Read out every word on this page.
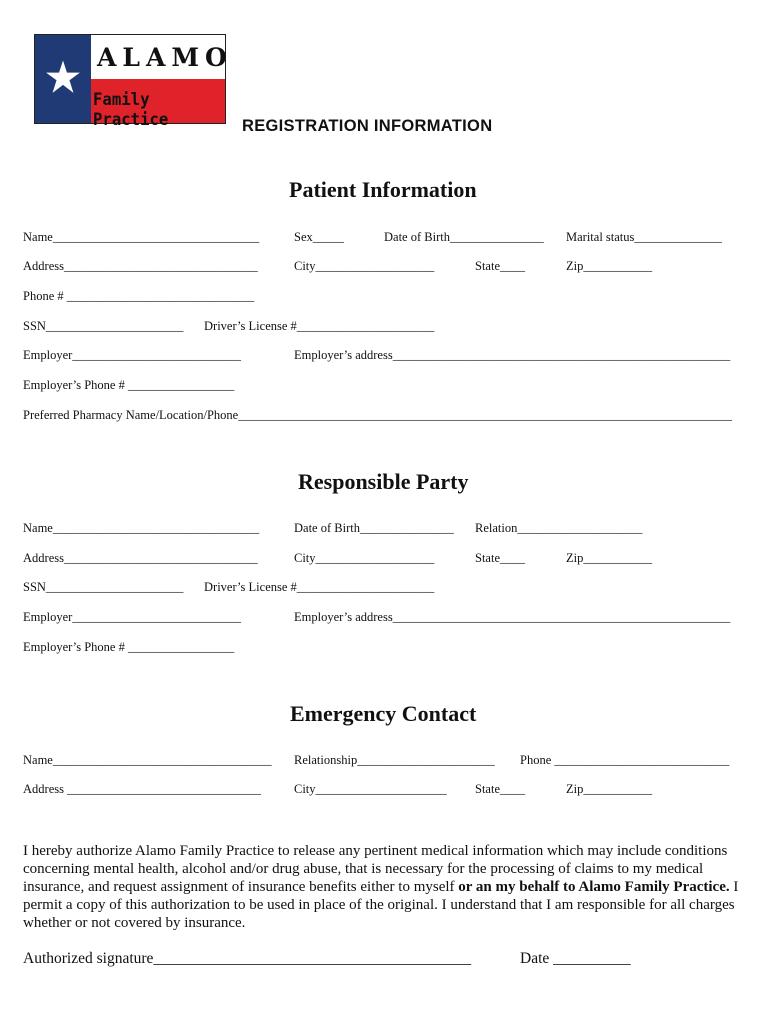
ALAMO
Family Practice	REGISTRATION INFORMATION
Patient Information
Name_________________________________	Sex_____	Date of Birth_______________ Marital status______________
Address_______________________________	City___________________	State____	Zip___________
Phone # ______________________________
SSN______________________ Driver’s License #______________________
Employer___________________________	Employer’s address______________________________________________________
Employer’s Phone # _________________
Preferred Pharmacy Name/Location/Phone_______________________________________________________________________________
Responsible Party
Name_________________________________	Date of Birth_______________ Relation____________________
Address_______________________________	City___________________	State____	Zip___________
SSN______________________ Driver’s License #______________________
Employer___________________________	Employer’s address______________________________________________________
Employer’s Phone # _________________
Emergency Contact
Name___________________________________ Relationship______________________ Phone ____________________________
Address _______________________________	City_____________________ State____	Zip___________
I hereby authorize Alamo Family Practice to release any pertinent medical information which may include conditions concerning mental health, alcohol and/or drug abuse, that is necessary for the processing of claims to my medical insurance, and request assignment of insurance benefits either to myself or an my behalf to Alamo Family Practice. I permit a copy of this authorization to be used in place of the original. I understand that I am responsible for all charges whether or not covered by insurance.
Authorized signature_________________________________________	Date __________
